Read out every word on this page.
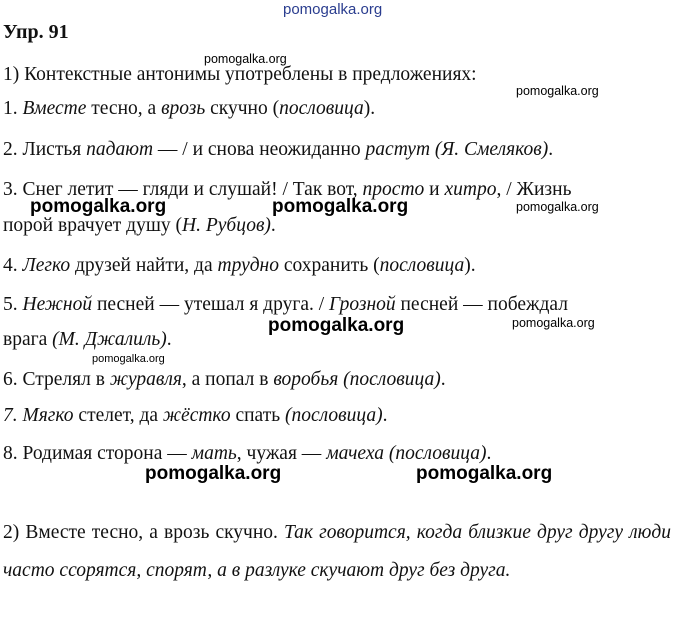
pomogalka.org
pomogalka.org
pomogalka.org
pomogalka.org	pomogalka.org	pomogalka.org
pomogalka.org	pomogalka.org
pomogalka.org
pomogalka.org	pomogalka.org
Упр. 91
1) Контекстные антонимы употреблены в предложениях:
1. Вместе тесно, а врозь скучно (пословица).
2. Листья падают — / и снова неожиданно растут (Я. Смеляков).
3. Снег летит — гляди и слушай! / Так вот, просто и хитро, / Жизнь
порой врачует душу (Н. Рубцов).
4. Легко друзей найти, да трудно сохранить (пословица).
5. Нежной песней — утешал я друга. / Грозной песней — побеждал
врага (М. Джалиль).
6. Стрелял в журавля, а попал в воробья (пословица).
7. Мягко стелет, да жёстко спать (пословица).
8. Родимая сторона — мать, чужая — мачеха (пословица).
2) Вместе тесно, а врозь скучно. Так говорится, когда близкие друг другу люди часто ссорятся, спорят, а в разлуке скучают друг без друга.
